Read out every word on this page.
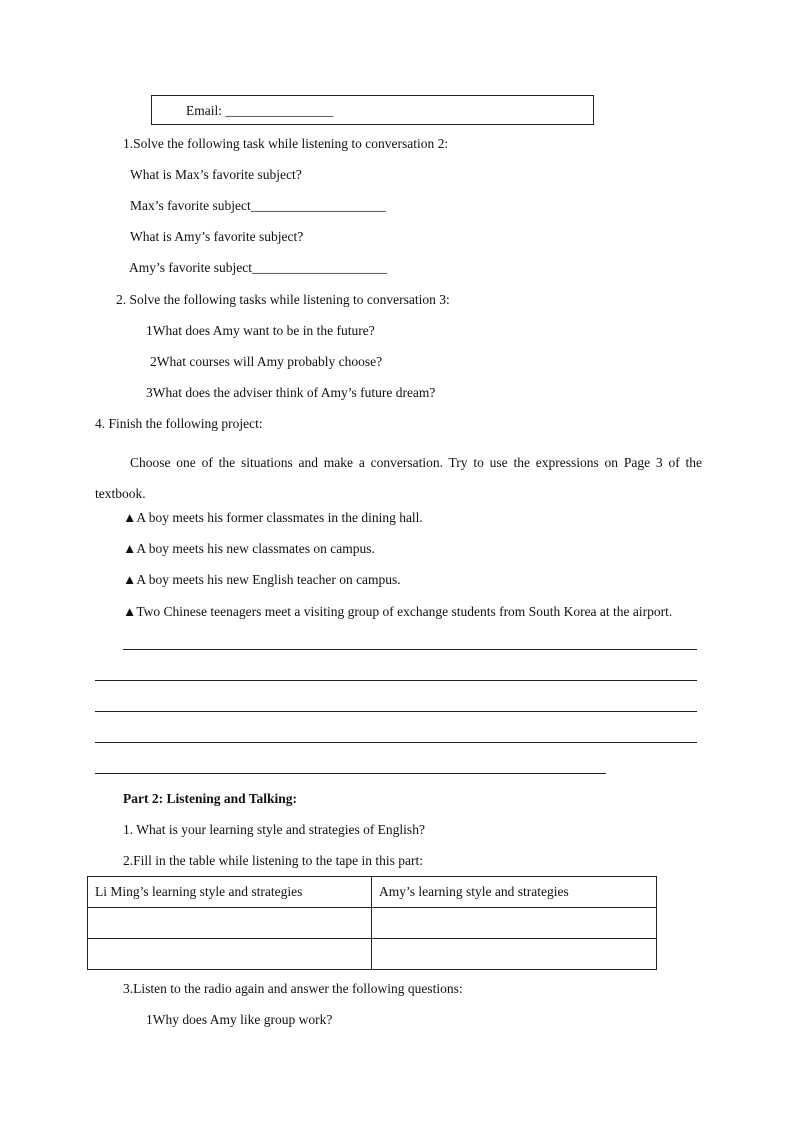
Email: ________________
1.Solve the following task while listening to conversation 2:
What is Max’s favorite subject?
Max’s favorite subject____________________
What is Amy’s favorite subject?
Amy’s favorite subject____________________
2. Solve the following tasks while listening to conversation 3:
1What does Amy want to be in the future?
2What courses will Amy probably choose?
3What does the adviser think of Amy’s future dream?
4. Finish the following project:
Choose one of the situations and make a conversation. Try to use the expressions on Page 3 of the textbook.
▲A boy meets his former classmates in the dining hall.
▲A boy meets his new classmates on campus.
▲A boy meets his new English teacher on campus.
▲Two Chinese teenagers meet a visiting group of exchange students from South Korea at the airport.
Part 2: Listening and Talking:
1. What is your learning style and strategies of English?
2.Fill in the table while listening to the tape in this part:
Li Ming’s learning style and strategies	Amy’s learning style and strategies

3.Listen to the radio again and answer the following questions:
1Why does Amy like group work?
